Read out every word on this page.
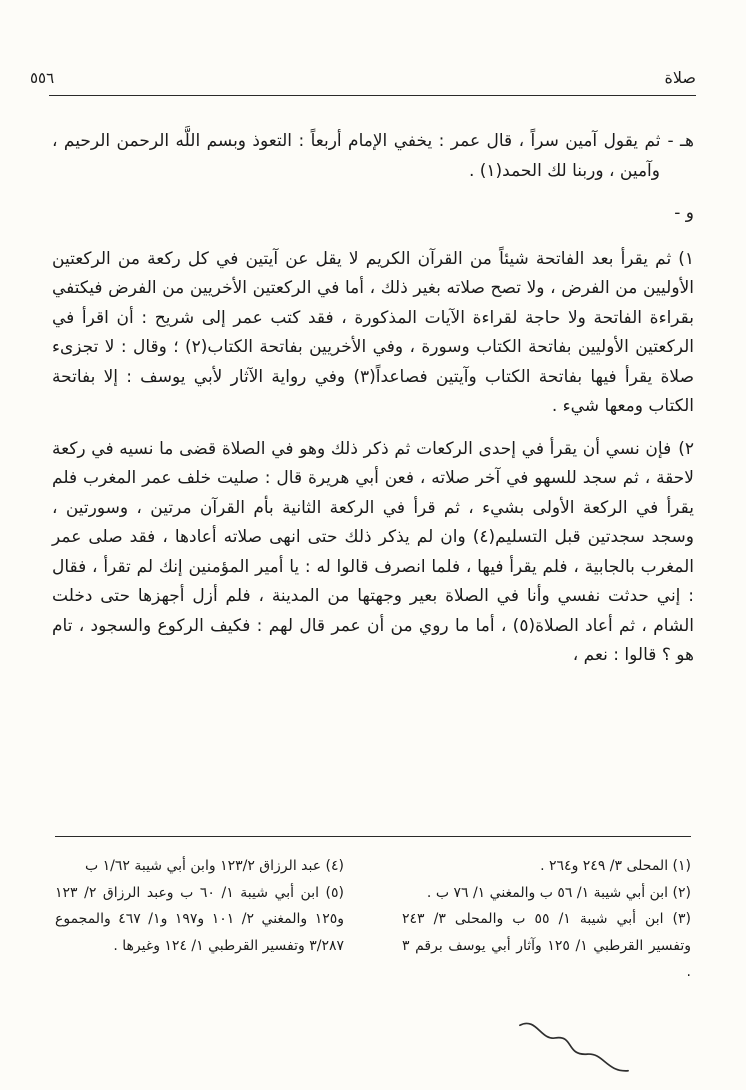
صلاة
٥٥٦

هـ -ثم يقول آمين سراً ، قال عمر : يخفي الإمام أربعاً : التعوذ وبسم اللَّه الرحمن الرحيم ، وآمين ، وربنا لك الحمد(١) .

و -

١)ثم يقرأ بعد الفاتحة شيئاً من القرآن الكريم لا يقل عن آيتين في كل ركعة من الركعتين الأوليين من الفرض ، ولا تصح صلاته بغير ذلك ، أما في الركعتين الأخريين من الفرض فيكتفي بقراءة الفاتحة ولا حاجة لقراءة الآيات المذكورة ، فقد كتب عمر إلى شريح : أن اقرأ في الركعتين الأوليين بفاتحة الكتاب وسورة ، وفي الأخريين بفاتحة الكتاب(٢) ؛ وقال : لا تجزىء صلاة يقرأ فيها بفاتحة الكتاب وآيتين فصاعداً(٣) وفي رواية الآثار لأبي يوسف : إلا بفاتحة الكتاب ومعها شيء .

٢)فإن نسي أن يقرأ في إحدى الركعات ثم ذكر ذلك وهو في الصلاة قضى ما نسيه في ركعة لاحقة ، ثم سجد للسهو في آخر صلاته ، فعن أبي هريرة قال : صليت خلف عمر المغرب فلم يقرأ في الركعة الأولى بشيء ، ثم قرأ في الركعة الثانية بأم القرآن مرتين ، وسورتين ، وسجد سجدتين قبل التسليم(٤) وان لم يذكر ذلك حتى انهى صلاته أعادها ، فقد صلى عمر المغرب بالجابية ، فلم يقرأ فيها ، فلما انصرف قالوا له : يا أمير المؤمنين إنك لم تقرأ ، فقال : إني حدثت نفسي وأنا في الصلاة بعير وجهتها من المدينة ، فلم أزل أجهزها حتى دخلت الشام ، ثم أعاد الصلاة(٥) ، أما ما روي من أن عمر قال لهم : فكيف الركوع والسجود ، تام هو ؟ قالوا : نعم ،

(١) المحلى ٣/ ٢٤٩ و٢٦٤ .

(٢) ابن أبي شيبة ١/ ٥٦ ب والمغني ١/ ٧٦ ب .

(٣) ابن أبي شيبة ١/ ٥٥ ب والمحلى ٣/ ٢٤٣ وتفسير القرطبي ١/ ١٢٥ وآثار أبي يوسف برقم ٣ .

(٤) عبد الرزاق ١٢٣/٢ وابن أبي شيبة ١/٦٢ ب

(٥) ابن أبي شيبة ١/ ٦٠ ب وعبد الرزاق ٢/ ١٢٣ و١٢٥ والمغني ٢/ ١٠١ و١٩٧ و١/ ٤٦٧ والمجموع ٣/٢٨٧ وتفسير القرطبي ١/ ١٢٤ وغيرها .
